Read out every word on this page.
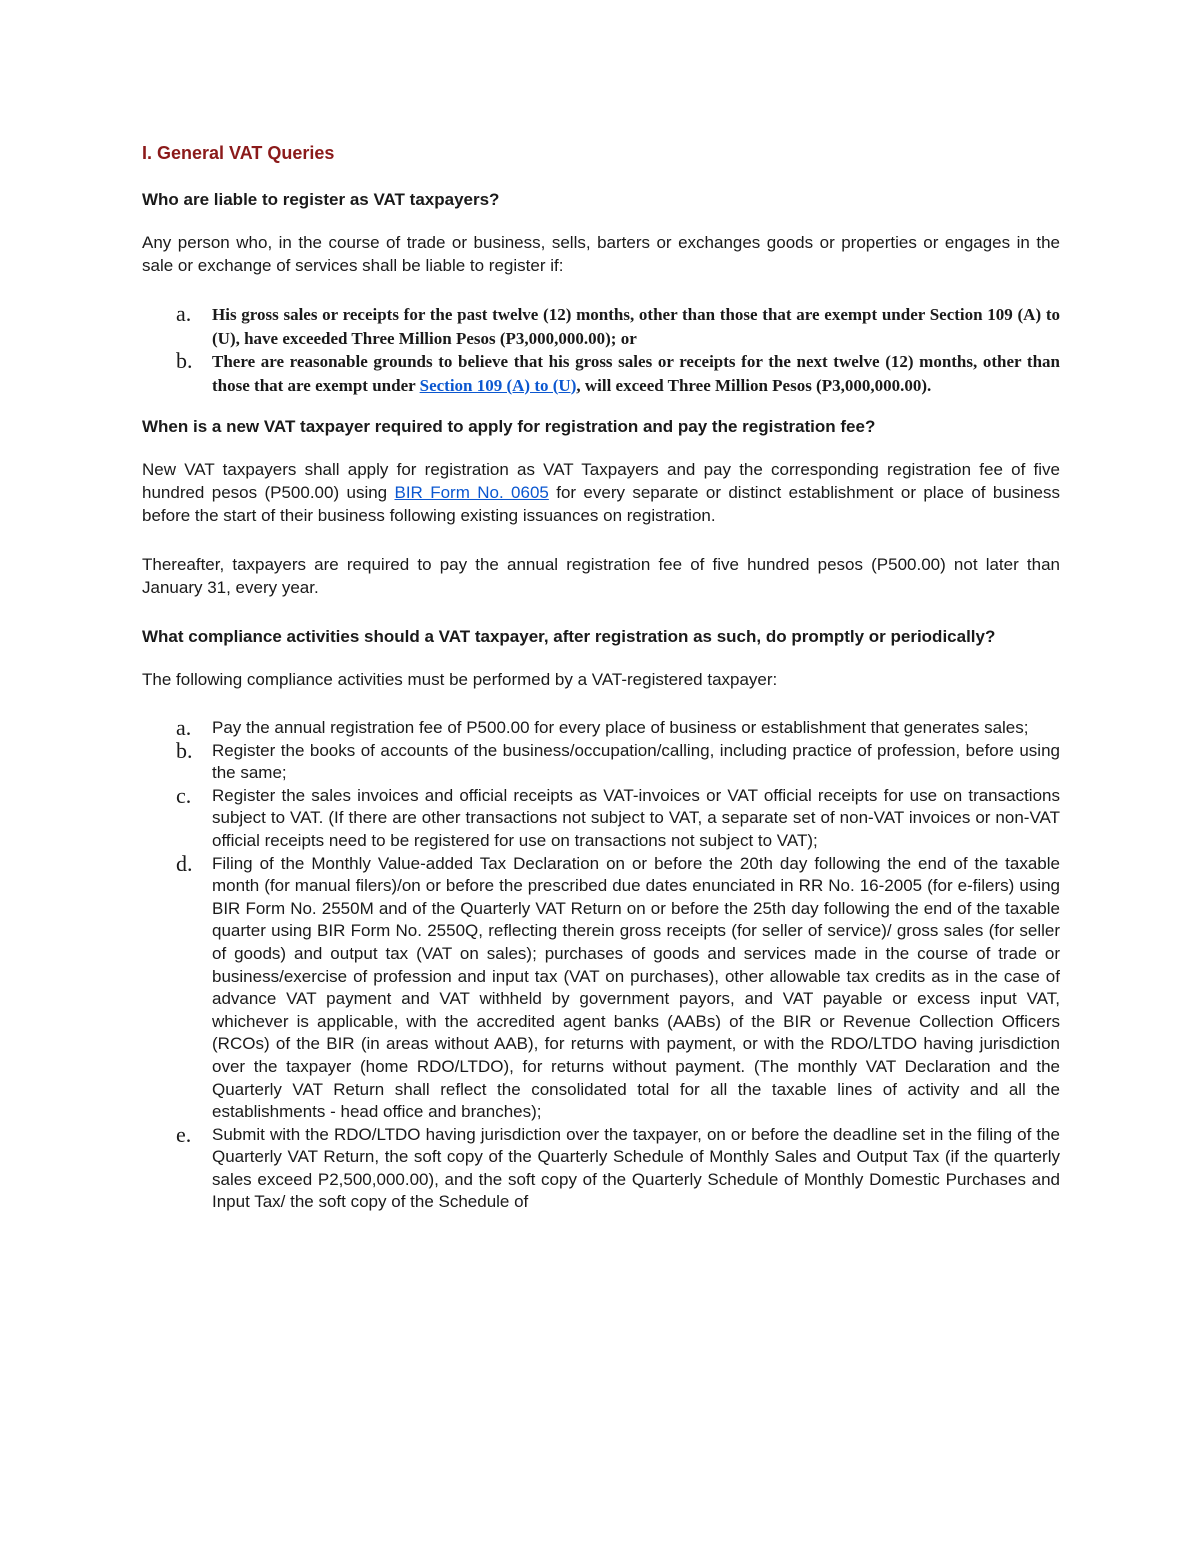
I. General VAT Queries
Who are liable to register as VAT taxpayers?
Any person who, in the course of trade or business, sells, barters or exchanges goods or properties or engages in the sale or exchange of services shall be liable to register if:
a. His gross sales or receipts for the past twelve (12) months, other than those that are exempt under Section 109 (A) to (U), have exceeded Three Million Pesos (P3,000,000.00); or
b. There are reasonable grounds to believe that his gross sales or receipts for the next twelve (12) months, other than those that are exempt under Section 109 (A) to (U), will exceed Three Million Pesos (P3,000,000.00).
When is a new VAT taxpayer required to apply for registration and pay the registration fee?
New VAT taxpayers shall apply for registration as VAT Taxpayers and pay the corresponding registration fee of five hundred pesos (P500.00) using BIR Form No. 0605 for every separate or distinct establishment or place of business before the start of their business following existing issuances on registration.
Thereafter, taxpayers are required to pay the annual registration fee of five hundred pesos (P500.00) not later than January 31, every year.
What compliance activities should a VAT taxpayer, after registration as such, do promptly or periodically?
The following compliance activities must be performed by a VAT-registered taxpayer:
a. Pay the annual registration fee of P500.00 for every place of business or establishment that generates sales;
b. Register the books of accounts of the business/occupation/calling, including practice of profession, before using the same;
c. Register the sales invoices and official receipts as VAT-invoices or VAT official receipts for use on transactions subject to VAT. (If there are other transactions not subject to VAT, a separate set of non-VAT invoices or non-VAT official receipts need to be registered for use on transactions not subject to VAT);
d. Filing of the Monthly Value-added Tax Declaration on or before the 20th day following the end of the taxable month (for manual filers)/on or before the prescribed due dates enunciated in RR No. 16-2005 (for e-filers) using BIR Form No. 2550M and of the Quarterly VAT Return on or before the 25th day following the end of the taxable quarter using BIR Form No. 2550Q, reflecting therein gross receipts (for seller of service)/ gross sales (for seller of goods) and output tax (VAT on sales); purchases of goods and services made in the course of trade or business/exercise of profession and input tax (VAT on purchases), other allowable tax credits as in the case of advance VAT payment and VAT withheld by government payors, and VAT payable or excess input VAT, whichever is applicable, with the accredited agent banks (AABs) of the BIR or Revenue Collection Officers (RCOs) of the BIR (in areas without AAB), for returns with payment, or with the RDO/LTDO having jurisdiction over the taxpayer (home RDO/LTDO), for returns without payment. (The monthly VAT Declaration and the Quarterly VAT Return shall reflect the consolidated total for all the taxable lines of activity and all the establishments - head office and branches);
e. Submit with the RDO/LTDO having jurisdiction over the taxpayer, on or before the deadline set in the filing of the Quarterly VAT Return, the soft copy of the Quarterly Schedule of Monthly Sales and Output Tax (if the quarterly sales exceed P2,500,000.00), and the soft copy of the Quarterly Schedule of Monthly Domestic Purchases and Input Tax/ the soft copy of the Schedule of
